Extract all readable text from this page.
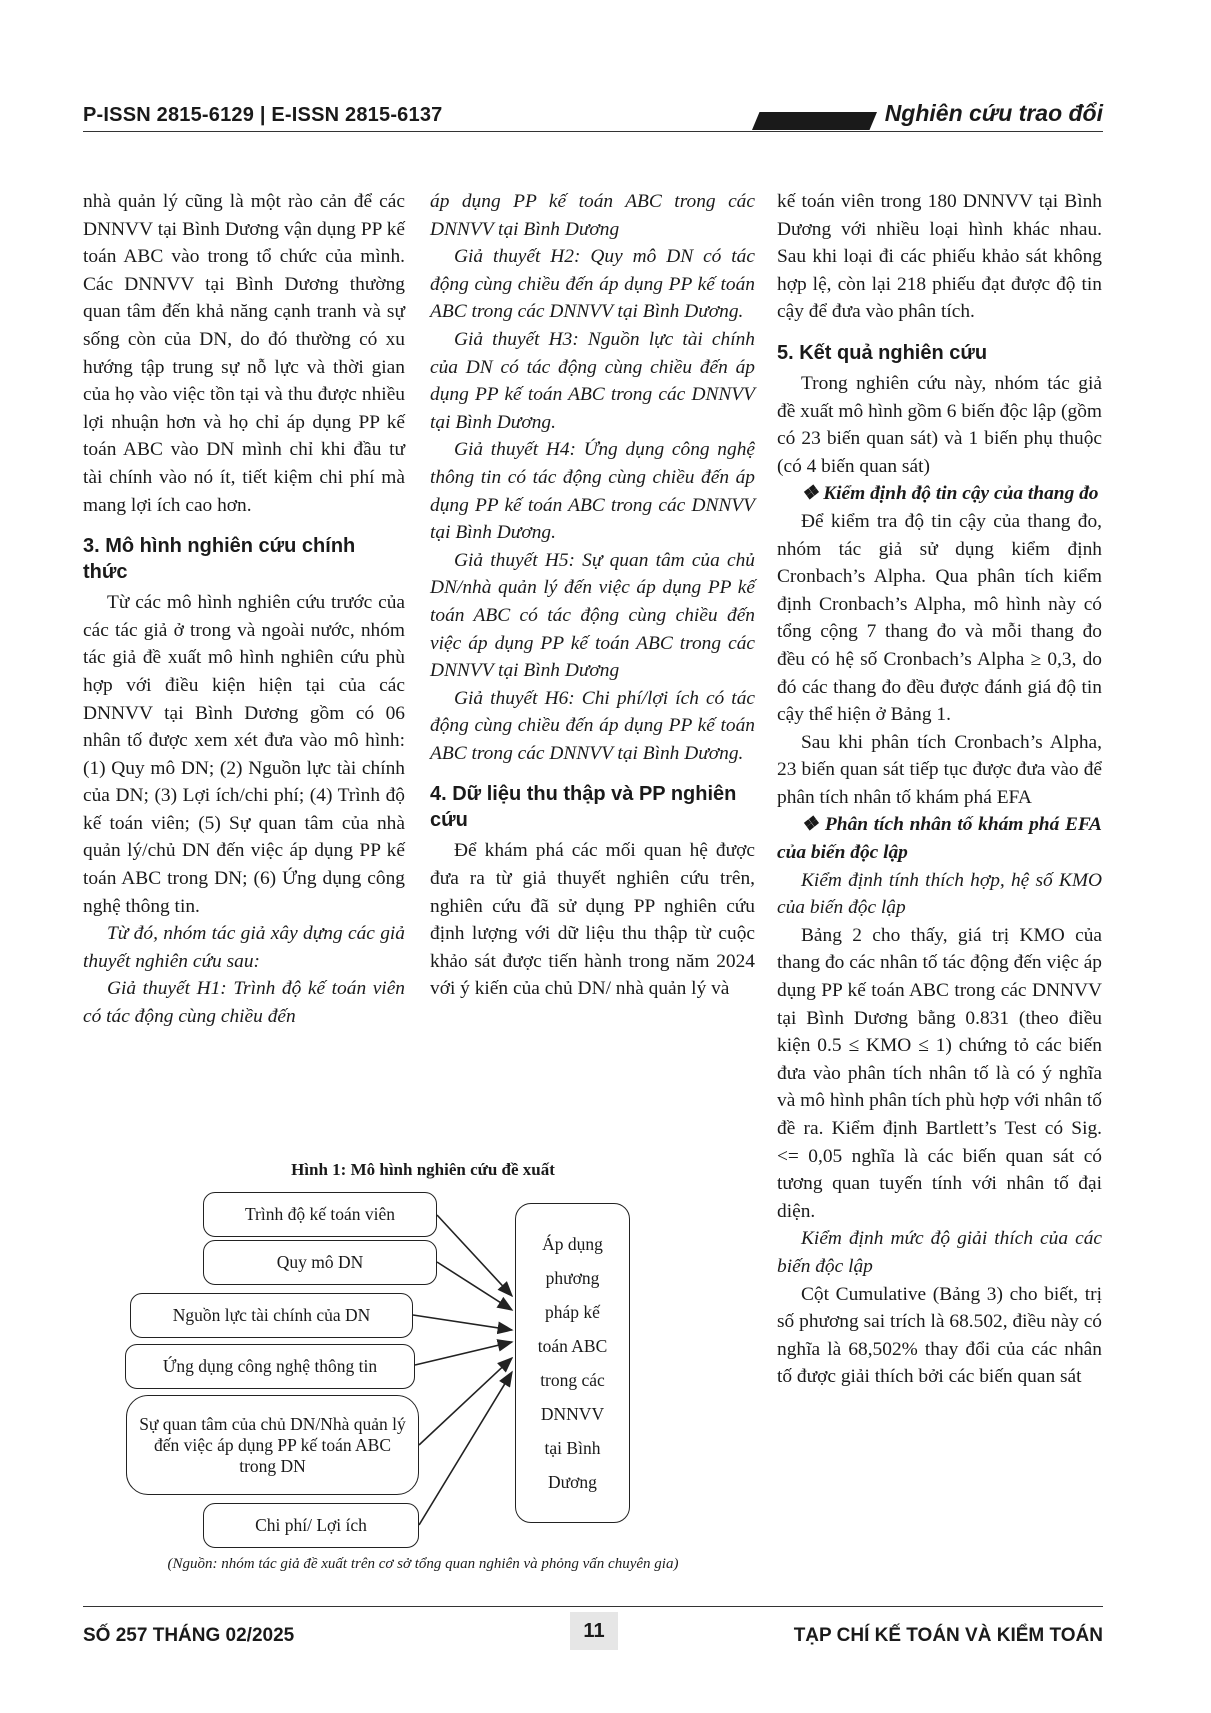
P-ISSN 2815-6129 | E-ISSN 2815-6137	Nghiên cứu trao đổi

nhà quản lý cũng là một rào cản để các DNNVV tại Bình Dương vận dụng PP kế toán ABC vào trong tổ chức của mình. Các DNNVV tại Bình Dương thường quan tâm đến khả năng cạnh tranh và sự sống còn của DN, do đó thường có xu hướng tập trung sự nỗ lực và thời gian của họ vào việc tồn tại và thu được nhiều lợi nhuận hơn và họ chỉ áp dụng PP kế toán ABC vào DN mình chỉ khi đầu tư tài chính vào nó ít, tiết kiệm chi phí mà mang lợi ích cao hơn.

3. Mô hình nghiên cứu chính thức

Từ các mô hình nghiên cứu trước của các tác giả ở trong và ngoài nước, nhóm tác giả đề xuất mô hình nghiên cứu phù hợp với điều kiện hiện tại của các DNNVV tại Bình Dương gồm có 06 nhân tố được xem xét đưa vào mô hình: (1) Quy mô DN; (2) Nguồn lực tài chính của DN; (3) Lợi ích/chi phí; (4) Trình độ kế toán viên; (5) Sự quan tâm của nhà quản lý/chủ DN đến việc áp dụng PP kế toán ABC trong DN; (6) Ứng dụng công nghệ thông tin.

Từ đó, nhóm tác giả xây dựng các giả thuyết nghiên cứu sau:

Giả thuyết H1: Trình độ kế toán viên có tác động cùng chiều đến

áp dụng PP kế toán ABC trong các DNNVV tại Bình Dương

Giả thuyết H2: Quy mô DN có tác động cùng chiều đến áp dụng PP kế toán ABC trong các DNNVV tại Bình Dương.

Giả thuyết H3: Nguồn lực tài chính của DN có tác động cùng chiều đến áp dụng PP kế toán ABC trong các DNNVV tại Bình Dương.

Giả thuyết H4: Ứng dụng công nghệ thông tin có tác động cùng chiều đến áp dụng PP kế toán ABC trong các DNNVV tại Bình Dương.

Giả thuyết H5: Sự quan tâm của chủ DN/nhà quản lý đến việc áp dụng PP kế toán ABC có tác động cùng chiều đến việc áp dụng PP kế toán ABC trong các DNNVV tại Bình Dương

Giả thuyết H6: Chi phí/lợi ích có tác động cùng chiều đến áp dụng PP kế toán ABC trong các DNNVV tại Bình Dương.

4. Dữ liệu thu thập và PP nghiên cứu

Để khám phá các mối quan hệ được đưa ra từ giả thuyết nghiên cứu trên, nghiên cứu đã sử dụng PP nghiên cứu định lượng với dữ liệu thu thập từ cuộc khảo sát được tiến hành trong năm 2024 với ý kiến của chủ DN/ nhà quản lý và

kế toán viên trong 180 DNNVV tại Bình Dương với nhiều loại hình khác nhau. Sau khi loại đi các phiếu khảo sát không hợp lệ, còn lại 218 phiếu đạt được độ tin cậy để đưa vào phân tích.

5. Kết quả nghiên cứu

Trong nghiên cứu này, nhóm tác giả đề xuất mô hình gồm 6 biến độc lập (gồm có 23 biến quan sát) và 1 biến phụ thuộc (có 4 biến quan sát)

❖ Kiểm định độ tin cậy của thang đo

Để kiểm tra độ tin cậy của thang đo, nhóm tác giả sử dụng kiểm định Cronbach’s Alpha. Qua phân tích kiểm định Cronbach’s Alpha, mô hình này có tổng cộng 7 thang đo và mỗi thang đo đều có hệ số Cronbach’s Alpha ≥ 0,3, do đó các thang đo đều được đánh giá độ tin cậy thể hiện ở Bảng 1.

Sau khi phân tích Cronbach’s Alpha, 23 biến quan sát tiếp tục được đưa vào để phân tích nhân tố khám phá EFA

❖ Phân tích nhân tố khám phá EFA của biến độc lập

Kiểm định tính thích hợp, hệ số KMO của biến độc lập

Bảng 2 cho thấy, giá trị KMO của thang đo các nhân tố tác động đến việc áp dụng PP kế toán ABC trong các DNNVV tại Bình Dương bằng 0.831 (theo điều kiện 0.5 ≤ KMO ≤ 1) chứng tỏ các biến đưa vào phân tích nhân tố là có ý nghĩa và mô hình phân tích phù hợp với nhân tố đề ra. Kiểm định Bartlett’s Test có Sig. <= 0,05 nghĩa là các biến quan sát có tương quan tuyến tính với nhân tố đại diện.

Kiểm định mức độ giải thích của các biến độc lập

Cột Cumulative (Bảng 3) cho biết, trị số phương sai trích là 68.502, điều này có nghĩa là 68,502% thay đổi của các nhân tố được giải thích bởi các biến quan sát

Hình 1: Mô hình nghiên cứu đề xuất
Trình độ kế toán viên
Quy mô DN
Nguồn lực tài chính của DN
Ứng dụng công nghệ thông tin
Sự quan tâm của chủ DN/Nhà quản lý đến việc áp dụng PP kế toán ABC trong DN
Chi phí/ Lợi ích
Áp dụng
phương
pháp kế
toán ABC
trong các
DNNVV
tại Bình
Dương
(Nguồn: nhóm tác giả đề xuất trên cơ sở tổng quan nghiên và phỏng vấn chuyên gia)
SỐ 257 THÁNG 02/2025	11	TẠP CHÍ KẾ TOÁN VÀ KIỂM TOÁN
